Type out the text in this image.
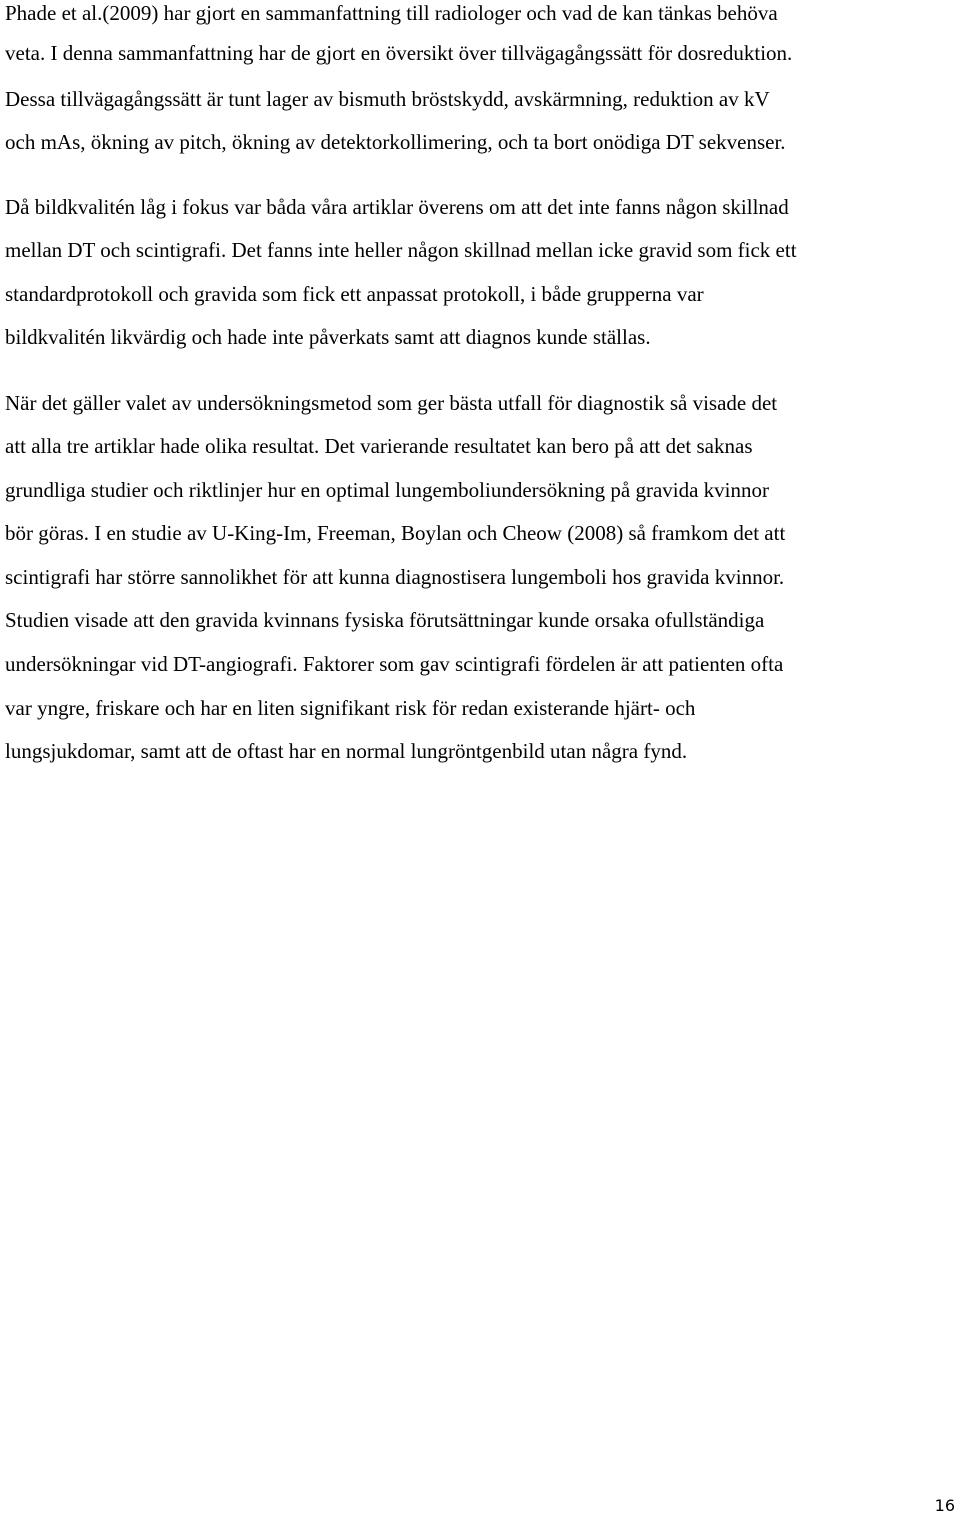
Phade et al.(2009) har gjort en sammanfattning till radiologer och vad de kan tänkas behöva
veta. I denna sammanfattning har de gjort en översikt över tillvägagångssätt för dosreduktion.
Dessa tillvägagångssätt är tunt lager av bismuth bröstskydd, avskärmning, reduktion av kV
och mAs, ökning av pitch, ökning av detektorkollimering, och ta bort onödiga DT sekvenser.
Då bildkvalitén låg i fokus var båda våra artiklar överens om att det inte fanns någon skillnad
mellan DT och scintigrafi. Det fanns inte heller någon skillnad mellan icke gravid som fick ett
standardprotokoll och gravida som fick ett anpassat protokoll, i både grupperna var
bildkvalitén likvärdig och hade inte påverkats samt att diagnos kunde ställas.
När det gäller valet av undersökningsmetod som ger bästa utfall för diagnostik så visade det
att alla tre artiklar hade olika resultat. Det varierande resultatet kan bero på att det saknas
grundliga studier och riktlinjer hur en optimal lungemboliundersökning på gravida kvinnor
bör göras. I en studie av U-King-Im, Freeman, Boylan och Cheow (2008) så framkom det att
scintigrafi har större sannolikhet för att kunna diagnostisera lungemboli hos gravida kvinnor.
Studien visade att den gravida kvinnans fysiska förutsättningar kunde orsaka ofullständiga
undersökningar vid DT-angiografi. Faktorer som gav scintigrafi fördelen är att patienten ofta
var yngre, friskare och har en liten signifikant risk för redan existerande hjärt- och
lungsjukdomar, samt att de oftast har en normal lungröntgenbild utan några fynd.
16
